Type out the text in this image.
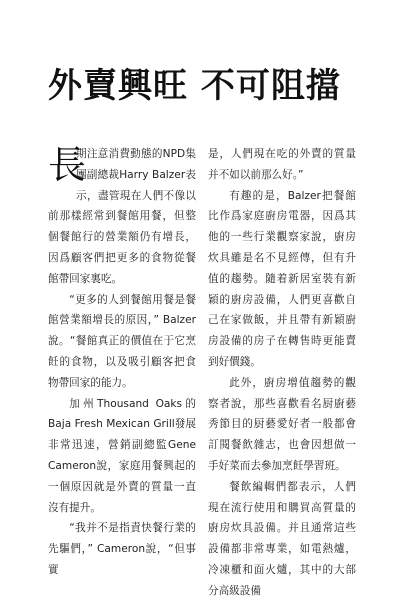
外賣興旺 不可阻擋

長
期注意消費動態的NPD集團副總裁Harry Balzer表示，盡管現在人們不像以前那樣經常到餐館用餐，但整個餐館行的營業額仍有增長，因爲顧客們把更多的食物從餐館帶回家裏吃。

“更多的人到餐館用餐是餐館營業額增長的原因，” Balzer說。“餐館真正的價值在于它烹飪的食物，以及吸引顧客把食物帶回家的能力。

加州Thousand Oaks的Baja Fresh Mexican Grill發展非常迅速，營銷副總監Gene Cameron說，家庭用餐興起的一個原因就是外賣的質量一直沒有提升。

“我并不是指責快餐行業的先驅們，” Cameron說，“但事實

是，人們現在吃的外賣的質量并不如以前那么好。”

有趣的是，Balzer把餐館比作爲家庭廚房電器，因爲其他的一些行業觀察家說，廚房炊具雖是名不見經傳，但有升值的趨勢。隨着新居室裝有新穎的廚房設備，人們更喜歡自己在家做飯，并且帶有新穎廚房設備的房子在轉售時更能賣到好價錢。

此外，廚房增值趨勢的觀察者說，那些喜歡看名厨廚藝秀節目的厨藝愛好者一般都會訂閱餐飲雜志，也會因想做一手好菜而去參加烹飪學習班。

餐飲編輯們都表示，人們現在流行使用和購買高質量的廚房炊具設備。并且通常這些設備都非常專業，如電熱爐，冷凍櫃和面火爐，其中的大部分高級設備
